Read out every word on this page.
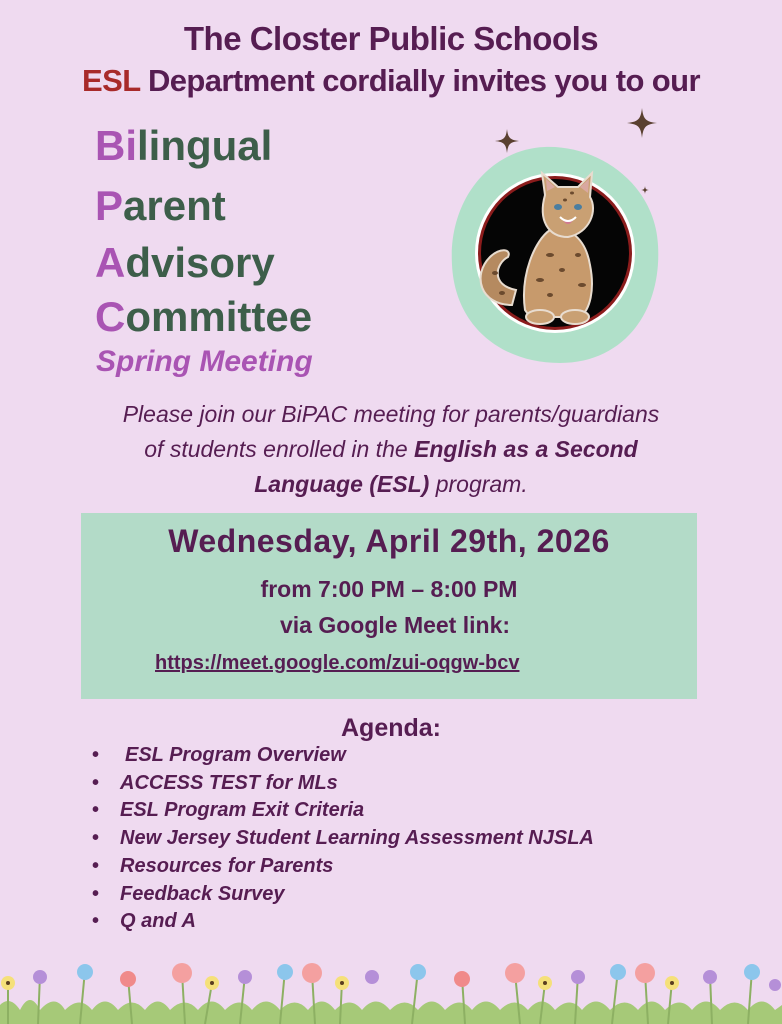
The Closter Public Schools
ESL Department cordially invites you to our
Bilingual
Parent
Advisory
Committee
Spring Meeting
Please join our BiPAC meeting for parents/guardians
of students enrolled in the English as a Second
Language (ESL) program.
Wednesday, April 29th, 2026
from 7:00 PM – 8:00 PM
via Google Meet link:
https://meet.google.com/zui-oqgw-bcv
Agenda:
•	ESL Program Overview
•	ACCESS TEST for MLs
•	ESL Program Exit Criteria
•	New Jersey Student Learning Assessment NJSLA
•	Resources for Parents
•	Feedback Survey
•	Q and A
